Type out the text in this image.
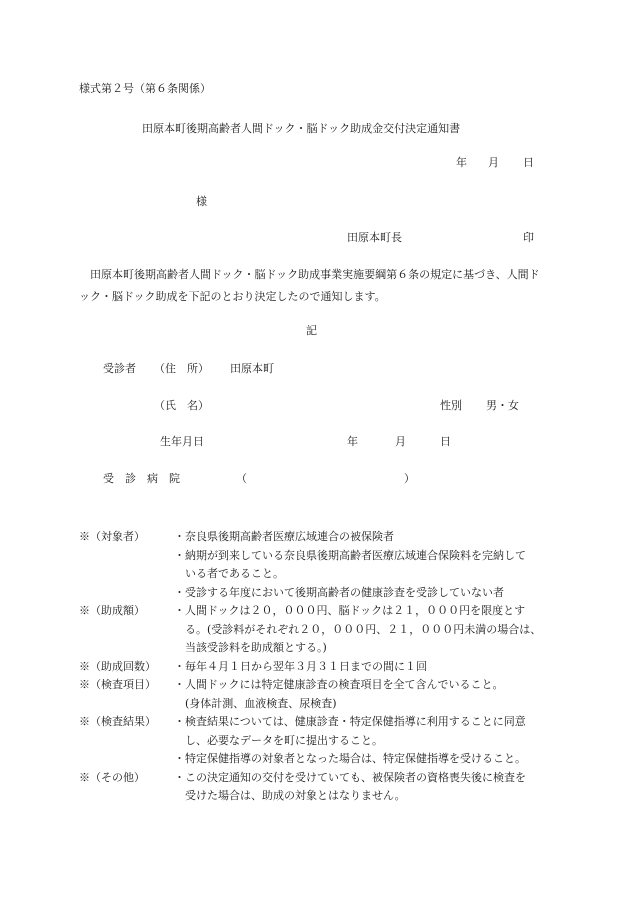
様式第２号（第６条関係）
田原本町後期高齢者人間ドック・脳ドック助成金交付決定通知書
年 月 日
様
田原本町長	印
田原本町後期高齢者人間ドック・脳ドック助成事業実施要綱第６条の規定に基づき、人間ドック・脳ドック助成を下記のとおり決定したので通知します。
記
受診者 （住　所） 田原本町
（氏　名）	性別 男・女
生年月日	年	月	日
受　診　病　院	（	）
※（対象者）	・奈良県後期高齢者医療広域連合の被保険者
・納期が到来している奈良県後期高齢者医療広域連合保険料を完納して
　いる者であること。
・受診する年度において後期高齢者の健康診査を受診していない者
※（助成額）	・人間ドックは２０，０００円、脳ドックは２１，０００円を限度とす
　る。(受診料がそれぞれ２０，０００円、２１，０００円未満の場合は、
　当該受診料を助成額とする。)
※（助成回数） ・毎年４月１日から翌年３月３１日までの間に１回
※（検査項目） ・人間ドックには特定健康診査の検査項目を全て含んでいること。
　(身体計測、血液検査、尿検査)
※（検査結果） ・検査結果については、健康診査・特定保健指導に利用することに同意
　し、必要なデータを町に提出すること。
・特定保健指導の対象者となった場合は、特定保健指導を受けること。
※（その他）	・この決定通知の交付を受けていても、被保険者の資格喪失後に検査を
　受けた場合は、助成の対象とはなりません。
